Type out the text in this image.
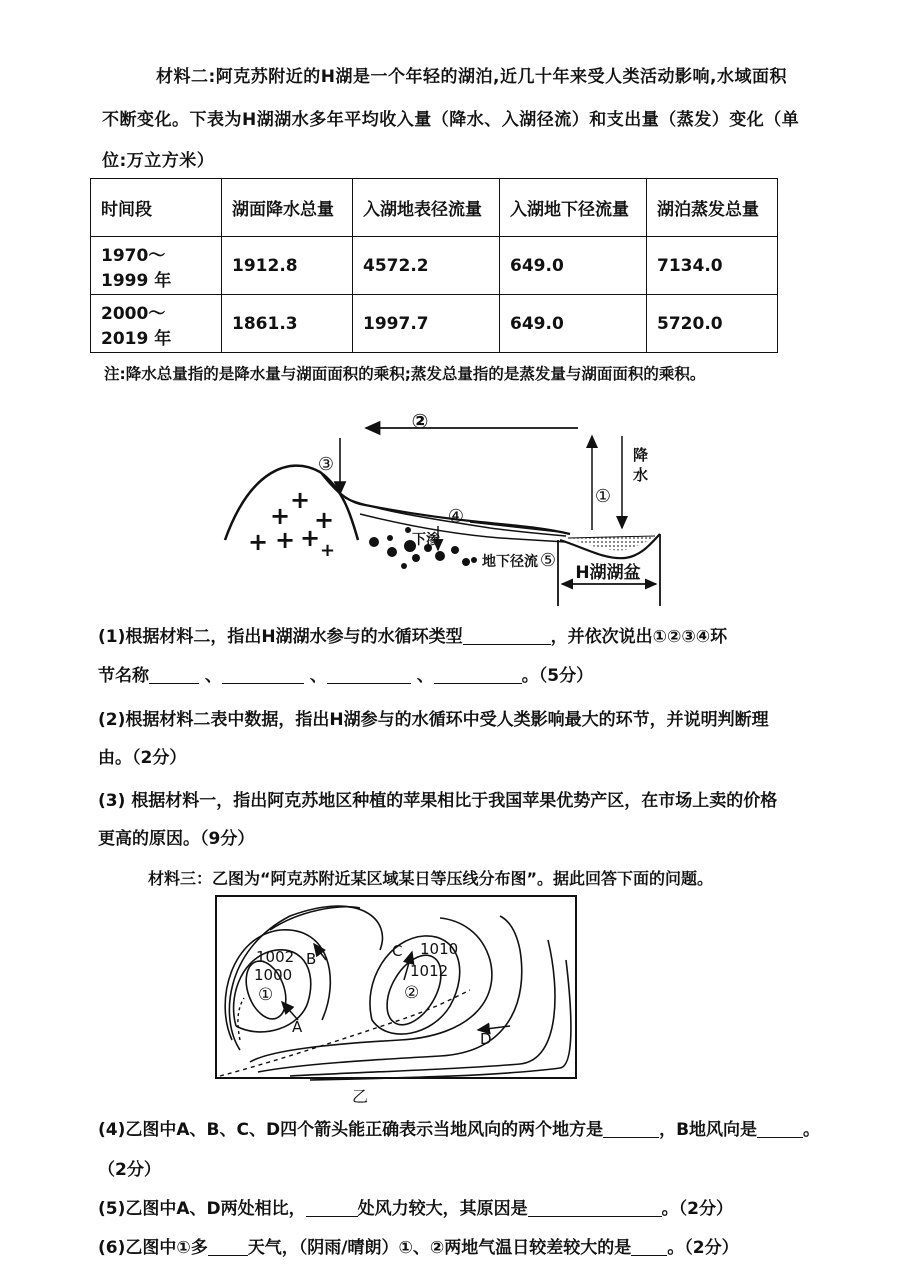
材料二:阿克苏附近的H湖是一个年轻的湖泊,近几十年来受人类活动影响,水域面积
不断变化。下表为H湖湖水多年平均收入量（降水、入湖径流）和支出量（蒸发）变化（单
位:万立方米）
时间段	湖面降水总量	入湖地表径流量	入湖地下径流量	湖泊蒸发总量
1970～1999 年	1912.8	4572.2	649.0	7134.0
2000～2019 年	1861.3	1997.7	649.0	5720.0
注:降水总量指的是降水量与湖面面积的乘积;蒸发总量指的是蒸发量与湖面面积的乘积。
②
+
+ +
+ + + +
③
④
下渗
地下径流 ⑤
①
降
水
H湖湖盆
(1)根据材料二，指出H湖湖水参与的水循环类型	，并依次说出①②③④环
节名称	、	、	、	。（5分）
(2)根据材料二表中数据，指出H湖参与的水循环中受人类影响最大的环节，并说明判断理
由。（2分）
(3) 根据材料一，指出阿克苏地区种植的苹果相比于我国苹果优势产区，在市场上卖的价格
更高的原因。（9分）
材料三：乙图为“阿克苏附近某区域某日等压线分布图”。据此回答下面的问题。
1002
1000
1010
1012
A
B	C
D
①	②
乙
(4)乙图中A、B、C、D四个箭头能正确表示当地风向的两个地方是	，B地风向是	。
（2分）
(5)乙图中A、D两处相比，	处风力较大，其原因是	。（2分）
(6)乙图中①多 天气，（阴雨/晴朗）①、②两地气温日较差较大的是 。（2分）
